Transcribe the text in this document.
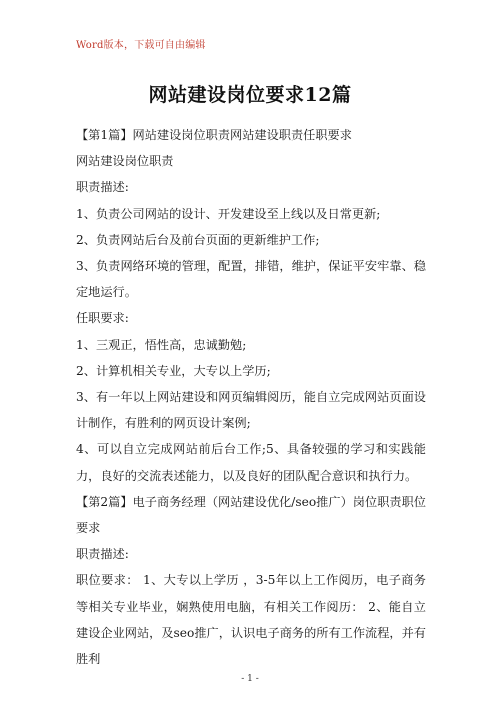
Word版本，下载可自由编辑
网站建设岗位要求12篇

【第1篇】网站建设岗位职责网站建设职责任职要求

网站建设岗位职责

职责描述:

1、负责公司网站的设计、开发建设至上线以及日常更新;

2、负责网站后台及前台页面的更新维护工作;

3、负责网络环境的管理，配置，排错，维护，保证平安牢靠、稳定地运行。

任职要求:

1、三观正，悟性高，忠诚勤勉;

2、计算机相关专业，大专以上学历;

3、有一年以上网站建设和网页编辑阅历，能自立完成网站页面设计制作，有胜利的网页设计案例;

4、可以自立完成网站前后台工作;5、具备较强的学习和实践能力，良好的交流表述能力，以及良好的团队配合意识和执行力。

【第2篇】电子商务经理（网站建设优化/seo推广）岗位职责职位要求

职责描述:

职位要求： 1、大专以上学历 ，3-5年以上工作阅历，电子商务等相关专业毕业，娴熟使用电脑，有相关工作阅历： 2、能自立建设企业网站，及seo推广，认识电子商务的所有工作流程，并有胜利

- 1 -
